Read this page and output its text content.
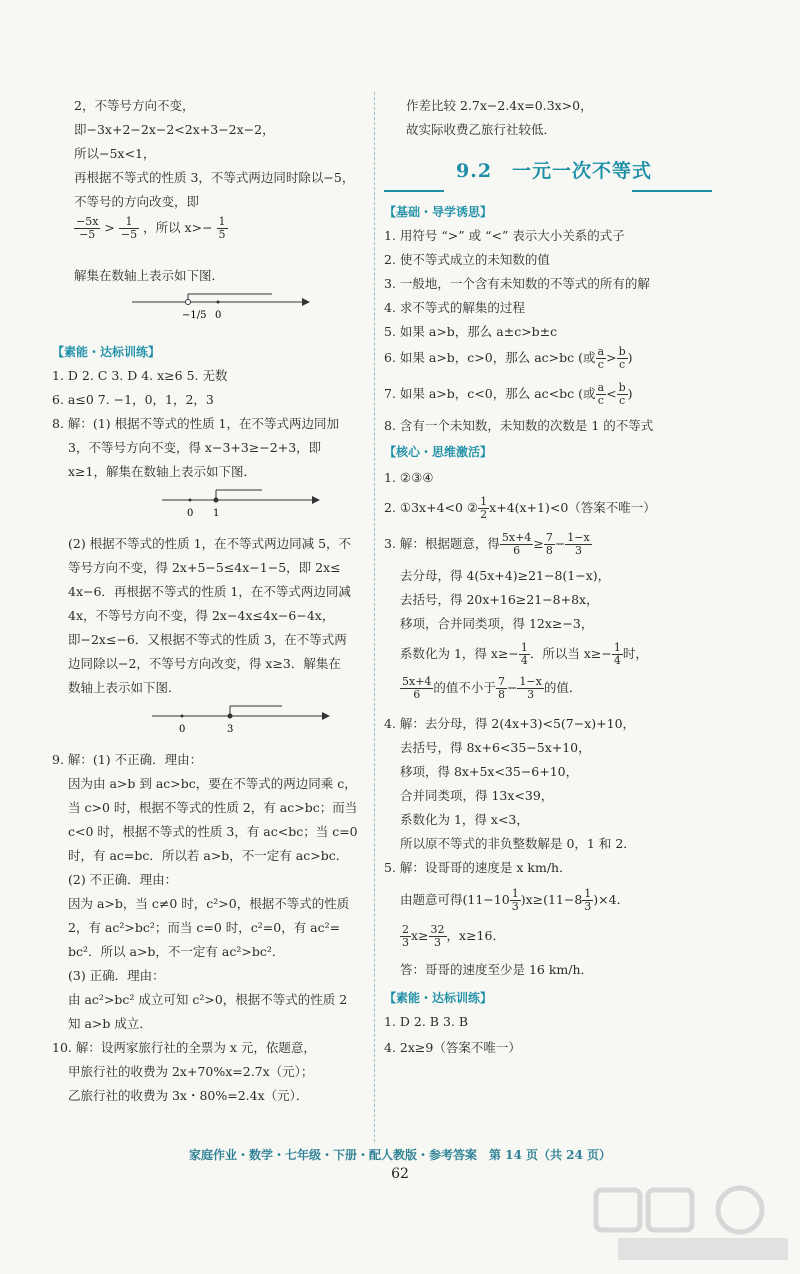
2，不等号方向不变，

即−3x+2−2x−2<2x+3−2x−2，

所以−5x<1，

再根据不等式的性质 3，不等式两边同时除以−5，

不等号的方向改变，即

$\frac{-5x}{-5} > \frac{1}{-5}$ ，所以 $x>- \frac{1}{5}$

解集在数轴上表示如下图．

−1/5 0

【素能・达标训练】

1. D 2. C 3. D 4. x≥6 5. 无数

6. a≤0 7. −1，0，1，2，3

8. 解：(1) 根据不等式的性质 1，在不等式两边同加

3，不等号方向不变，得 x−3+3≥−2+3，即

x≥1，解集在数轴上表示如下图．

0 1

(2) 根据不等式的性质 1，在不等式两边同减 5，不

等号方向不变，得 2x+5−5≤4x−1−5，即 2x≤

4x−6．再根据不等式的性质 1，在不等式两边同减

4x，不等号方向不变，得 2x−4x≤4x−6−4x，

即−2x≤−6．又根据不等式的性质 3，在不等式两

边同除以−2，不等号方向改变，得 x≥3．解集在

数轴上表示如下图．

0	3

9. 解：(1) 不正确．理由：

因为由 a>b 到 ac>bc，要在不等式的两边同乘 c，

当 c>0 时，根据不等式的性质 2，有 ac>bc；而当

c<0 时，根据不等式的性质 3，有 ac<bc；当 c=0

时，有 ac=bc．所以若 a>b，不一定有 ac>bc．

(2) 不正确．理由：

因为 a>b，当 c≠0 时，c²>0，根据不等式的性质

2，有 ac²>bc²；而当 c=0 时，c²=0，有 ac²=

bc²．所以 a>b，不一定有 ac²>bc²．

(3) 正确．理由：

由 ac²>bc² 成立可知 c²>0，根据不等式的性质 2

知 a>b 成立．

10. 解：设两家旅行社的全票为 x 元，依题意，

甲旅行社的收费为 2x+70%x=2.7x（元）；

乙旅行社的收费为 3x・80%=2.4x（元）．

作差比较 2.7x−2.4x=0.3x>0，

故实际收费乙旅行社较低．

9.2　一元一次不等式

【基础・导学诱思】

1. 用符号 “>” 或 “<” 表示大小关系的式子

2. 使不等式成立的未知数的值

3. 一般地，一个含有未知数的不等式的所有的解

4. 求不等式的解集的过程

5. 如果 a>b，那么 a±c>b±c

6. 如果 a>b，c>0，那么 ac>bc (或 $\frac{a}{c} > \frac{b}{c}$ )
7. 如果 a>b，c<0，那么 ac<bc (或 $\frac{a}{c} < \frac{b}{c}$ )

8. 含有一个未知数，未知数的次数是 1 的不等式

【核心・思维激活】

1. ②③④

2. ①3x+4<0 ② $\frac{1}{2} x+4(x+1)<0$（答案不唯一）
3. 解：根据题意，得 $\frac{5x+4}{6} \ge \frac{7}{8} - \frac{1-x}{3}$

去分母，得 4(5x+4)≥21−8(1−x)，

去括号，得 20x+16≥21−8+8x，

移项，合并同类项，得 12x≥−3，

系数化为 1，得 $x\ge- \frac{1}{4}$ ．所以当 $x\ge- \frac{1}{4}$ 时，
$\frac{5x+4}{6}$ 的值不小于 $\frac{7}{8} - \frac{1-x}{3}$ 的值．

4. 解：去分母，得 2(4x+3)<5(7−x)+10，

去括号，得 8x+6<35−5x+10，

移项，得 8x+5x<35−6+10，

合并同类项，得 13x<39，

系数化为 1，得 x<3，

所以原不等式的非负整数解是 0，1 和 2．

5. 解：设哥哥的速度是 x km/h．

由题意可得$(11-10 \frac{1}{3} )x\ge(11-8 \frac{1}{3} )\times 4$．
$\frac{2}{3} x\ge \frac{32}{3}$ ，x≥16．

答：哥哥的速度至少是 16 km/h．

【素能・达标训练】

1. D 2. B 3. B

4. 2x≥9（答案不唯一）

家庭作业・数学・七年级・下册・配人教版・参考答案　第 14 页（共 24 页）
62
